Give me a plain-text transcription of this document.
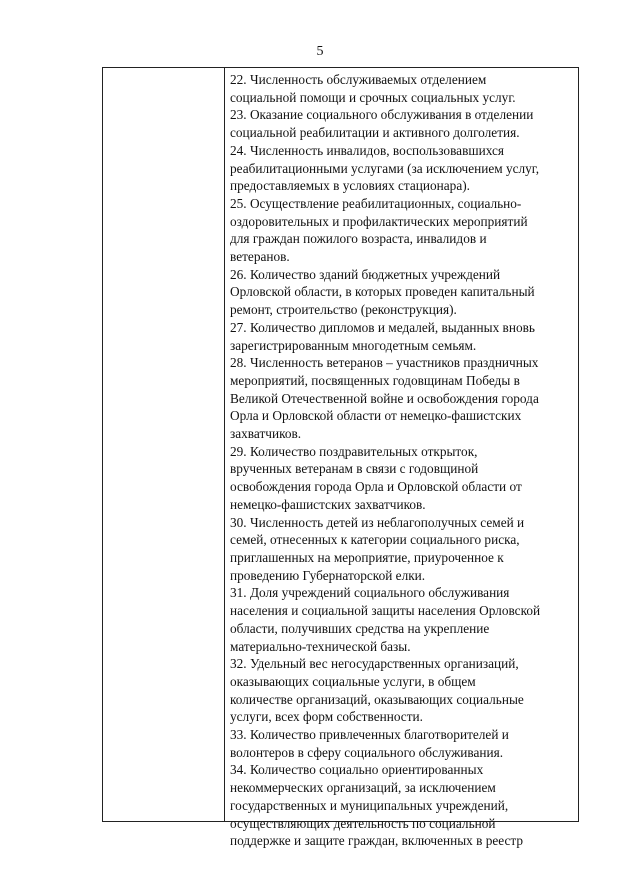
5

22. Численность обслуживаемых отделением
социальной помощи и срочных социальных услуг.

23. Оказание социального обслуживания в отделении
социальной реабилитации и активного долголетия.

24. Численность инвалидов, воспользовавшихся
реабилитационными услугами (за исключением услуг,
предоставляемых в условиях стационара).

25. Осуществление реабилитационных, социально-
оздоровительных и профилактических мероприятий
для граждан пожилого возраста, инвалидов и
ветеранов.

26. Количество зданий бюджетных учреждений
Орловской области, в которых проведен капитальный
ремонт, строительство (реконструкция).

27. Количество дипломов и медалей, выданных вновь
зарегистрированным многодетным семьям.

28. Численность ветеранов – участников праздничных
мероприятий, посвященных годовщинам Победы в
Великой Отечественной войне и освобождения города
Орла и Орловской области от немецко-фашистских
захватчиков.

29. Количество поздравительных открыток,
врученных ветеранам в связи с годовщиной
освобождения города Орла и Орловской области от
немецко-фашистских захватчиков.

30. Численность детей из неблагополучных семей и
семей, отнесенных к категории социального риска,
приглашенных на мероприятие, приуроченное к
проведению Губернаторской елки.

31. Доля учреждений социального обслуживания
населения и социальной защиты населения Орловской
области, получивших средства на укрепление
материально-технической базы.

32. Удельный вес негосударственных организаций,
оказывающих социальные услуги, в общем
количестве организаций, оказывающих социальные
услуги, всех форм собственности.

33. Количество привлеченных благотворителей и
волонтеров в сферу социального обслуживания.

34. Количество социально ориентированных
некоммерческих организаций, за исключением
государственных и муниципальных учреждений,
осуществляющих деятельность по социальной
поддержке и защите граждан, включенных в реестр
